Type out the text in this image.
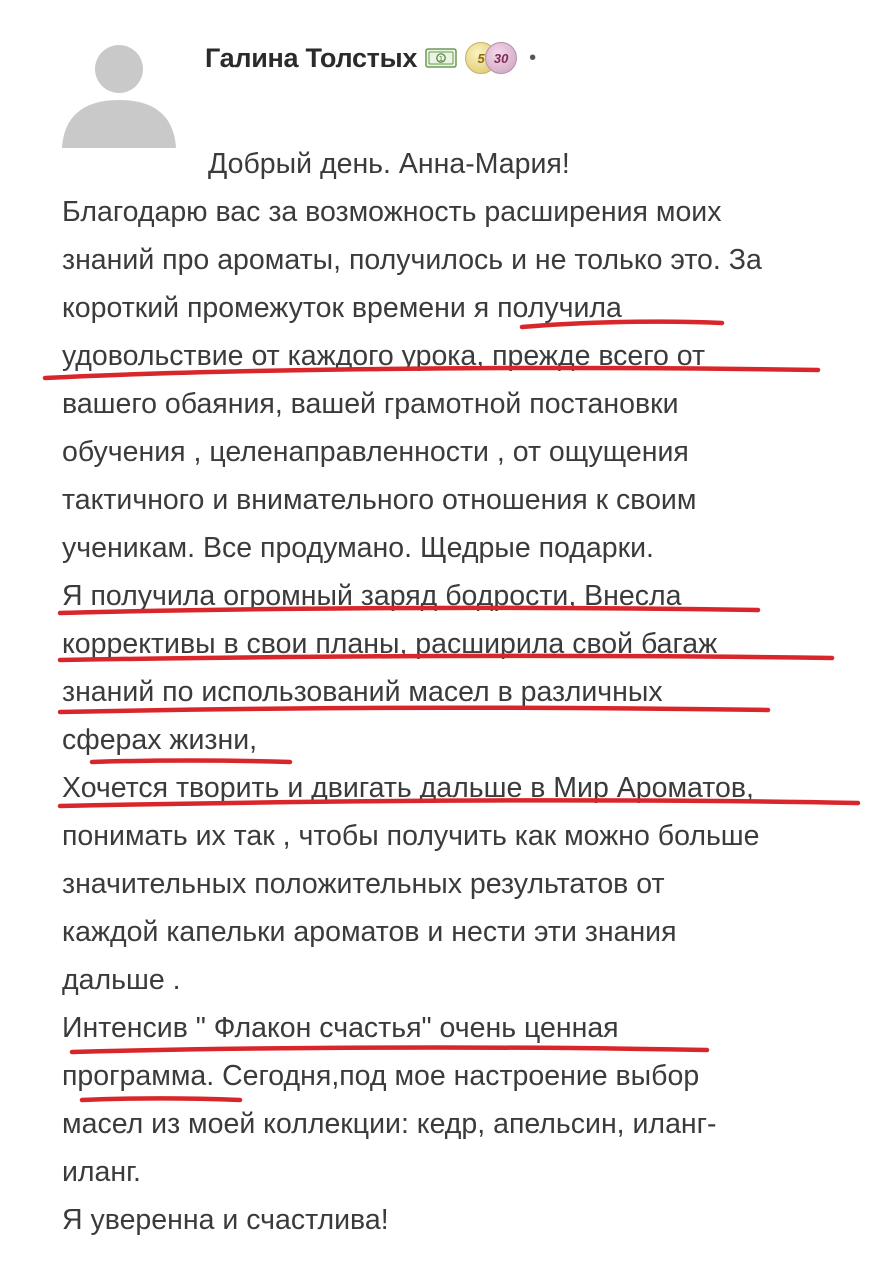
Галина Толстых	1	5 30	•
Добрый день. Анна-Мария!
Благодарю вас за возможность расширения моих
знаний про ароматы, получилось и не только это. За
короткий промежуток времени я получила
удовольствие от каждого урока, прежде всего от
вашего обаяния, вашей грамотной постановки
обучения , целенаправленности , от ощущения
тактичного и внимательного отношения к своим
ученикам. Все продумано. Щедрые подарки.
Я получила огромный заряд бодрости, Внесла
коррективы в свои планы, расширила свой багаж
знаний по использований масел в различных
сферах жизни,
Хочется творить и двигать дальше в Мир Ароматов,
понимать их так , чтобы получить как можно больше
значительных положительных результатов от
каждой капельки ароматов и нести эти знания
дальше .
Интенсив " Флакон счастья" очень ценная
программа. Сегодня,под мое настроение выбор
масел из моей коллекции: кедр, апельсин, иланг-
иланг.
Я уверенна и счастлива!
